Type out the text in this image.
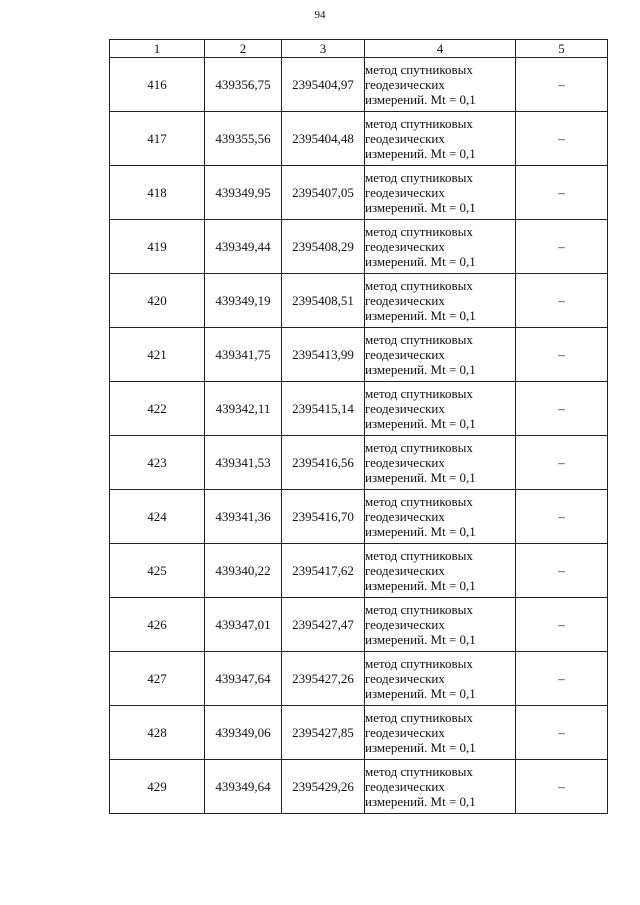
94
1	2	3	4	5
416	439356,75	2395404,97	метод спутниковых
геодезических
измерений. Mt = 0,1	–
417	439355,56	2395404,48	метод спутниковых
геодезических
измерений. Mt = 0,1	–
418	439349,95	2395407,05	метод спутниковых
геодезических
измерений. Mt = 0,1	–
419	439349,44	2395408,29	метод спутниковых
геодезических
измерений. Mt = 0,1	–
420	439349,19	2395408,51	метод спутниковых
геодезических
измерений. Mt = 0,1	–
421	439341,75	2395413,99	метод спутниковых
геодезических
измерений. Mt = 0,1	–
422	439342,11	2395415,14	метод спутниковых
геодезических
измерений. Mt = 0,1	–
423	439341,53	2395416,56	метод спутниковых
геодезических
измерений. Mt = 0,1	–
424	439341,36	2395416,70	метод спутниковых
геодезических
измерений. Mt = 0,1	–
425	439340,22	2395417,62	метод спутниковых
геодезических
измерений. Mt = 0,1	–
426	439347,01	2395427,47	метод спутниковых
геодезических
измерений. Mt = 0,1	–
427	439347,64	2395427,26	метод спутниковых
геодезических
измерений. Mt = 0,1	–
428	439349,06	2395427,85	метод спутниковых
геодезических
измерений. Mt = 0,1	–
429	439349,64	2395429,26	метод спутниковых
геодезических
измерений. Mt = 0,1	–
